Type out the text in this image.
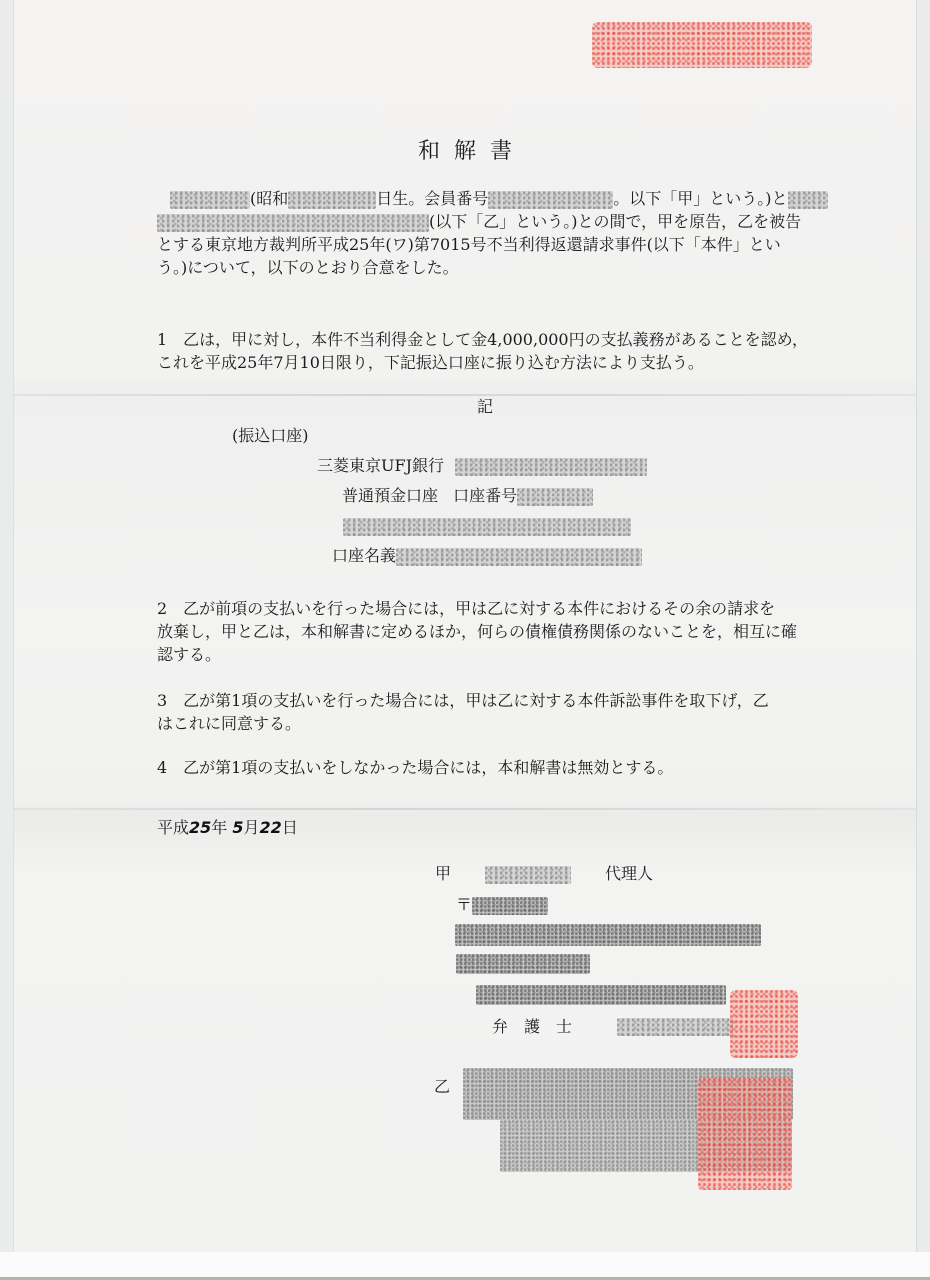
和解書
(昭和	日生。会員番号	。以下「甲」という。)と
(以下「乙」という。)との間で，甲を原告，乙を被告
とする東京地方裁判所平成25年(ワ)第7015号不当利得返還請求事件(以下「本件」とい
う。)について，以下のとおり合意をした。
1　乙は，甲に対し，本件不当利得金として金4,000,000円の支払義務があることを認め，
これを平成25年7月10日限り，下記振込口座に振り込む方法により支払う。
記
(振込口座)
三菱東京UFJ銀行
普通預金口座 口座番号
口座名義
2　乙が前項の支払いを行った場合には，甲は乙に対する本件におけるその余の請求を
放棄し，甲と乙は，本和解書に定めるほか，何らの債権債務関係のないことを，相互に確
認する。
3　乙が第1項の支払いを行った場合には，甲は乙に対する本件訴訟事件を取下げ，乙
はこれに同意する。
4　乙が第1項の支払いをしなかった場合には，本和解書は無効とする。
平成25年 5月22日
甲	代理人
〒
弁　護　士
乙
